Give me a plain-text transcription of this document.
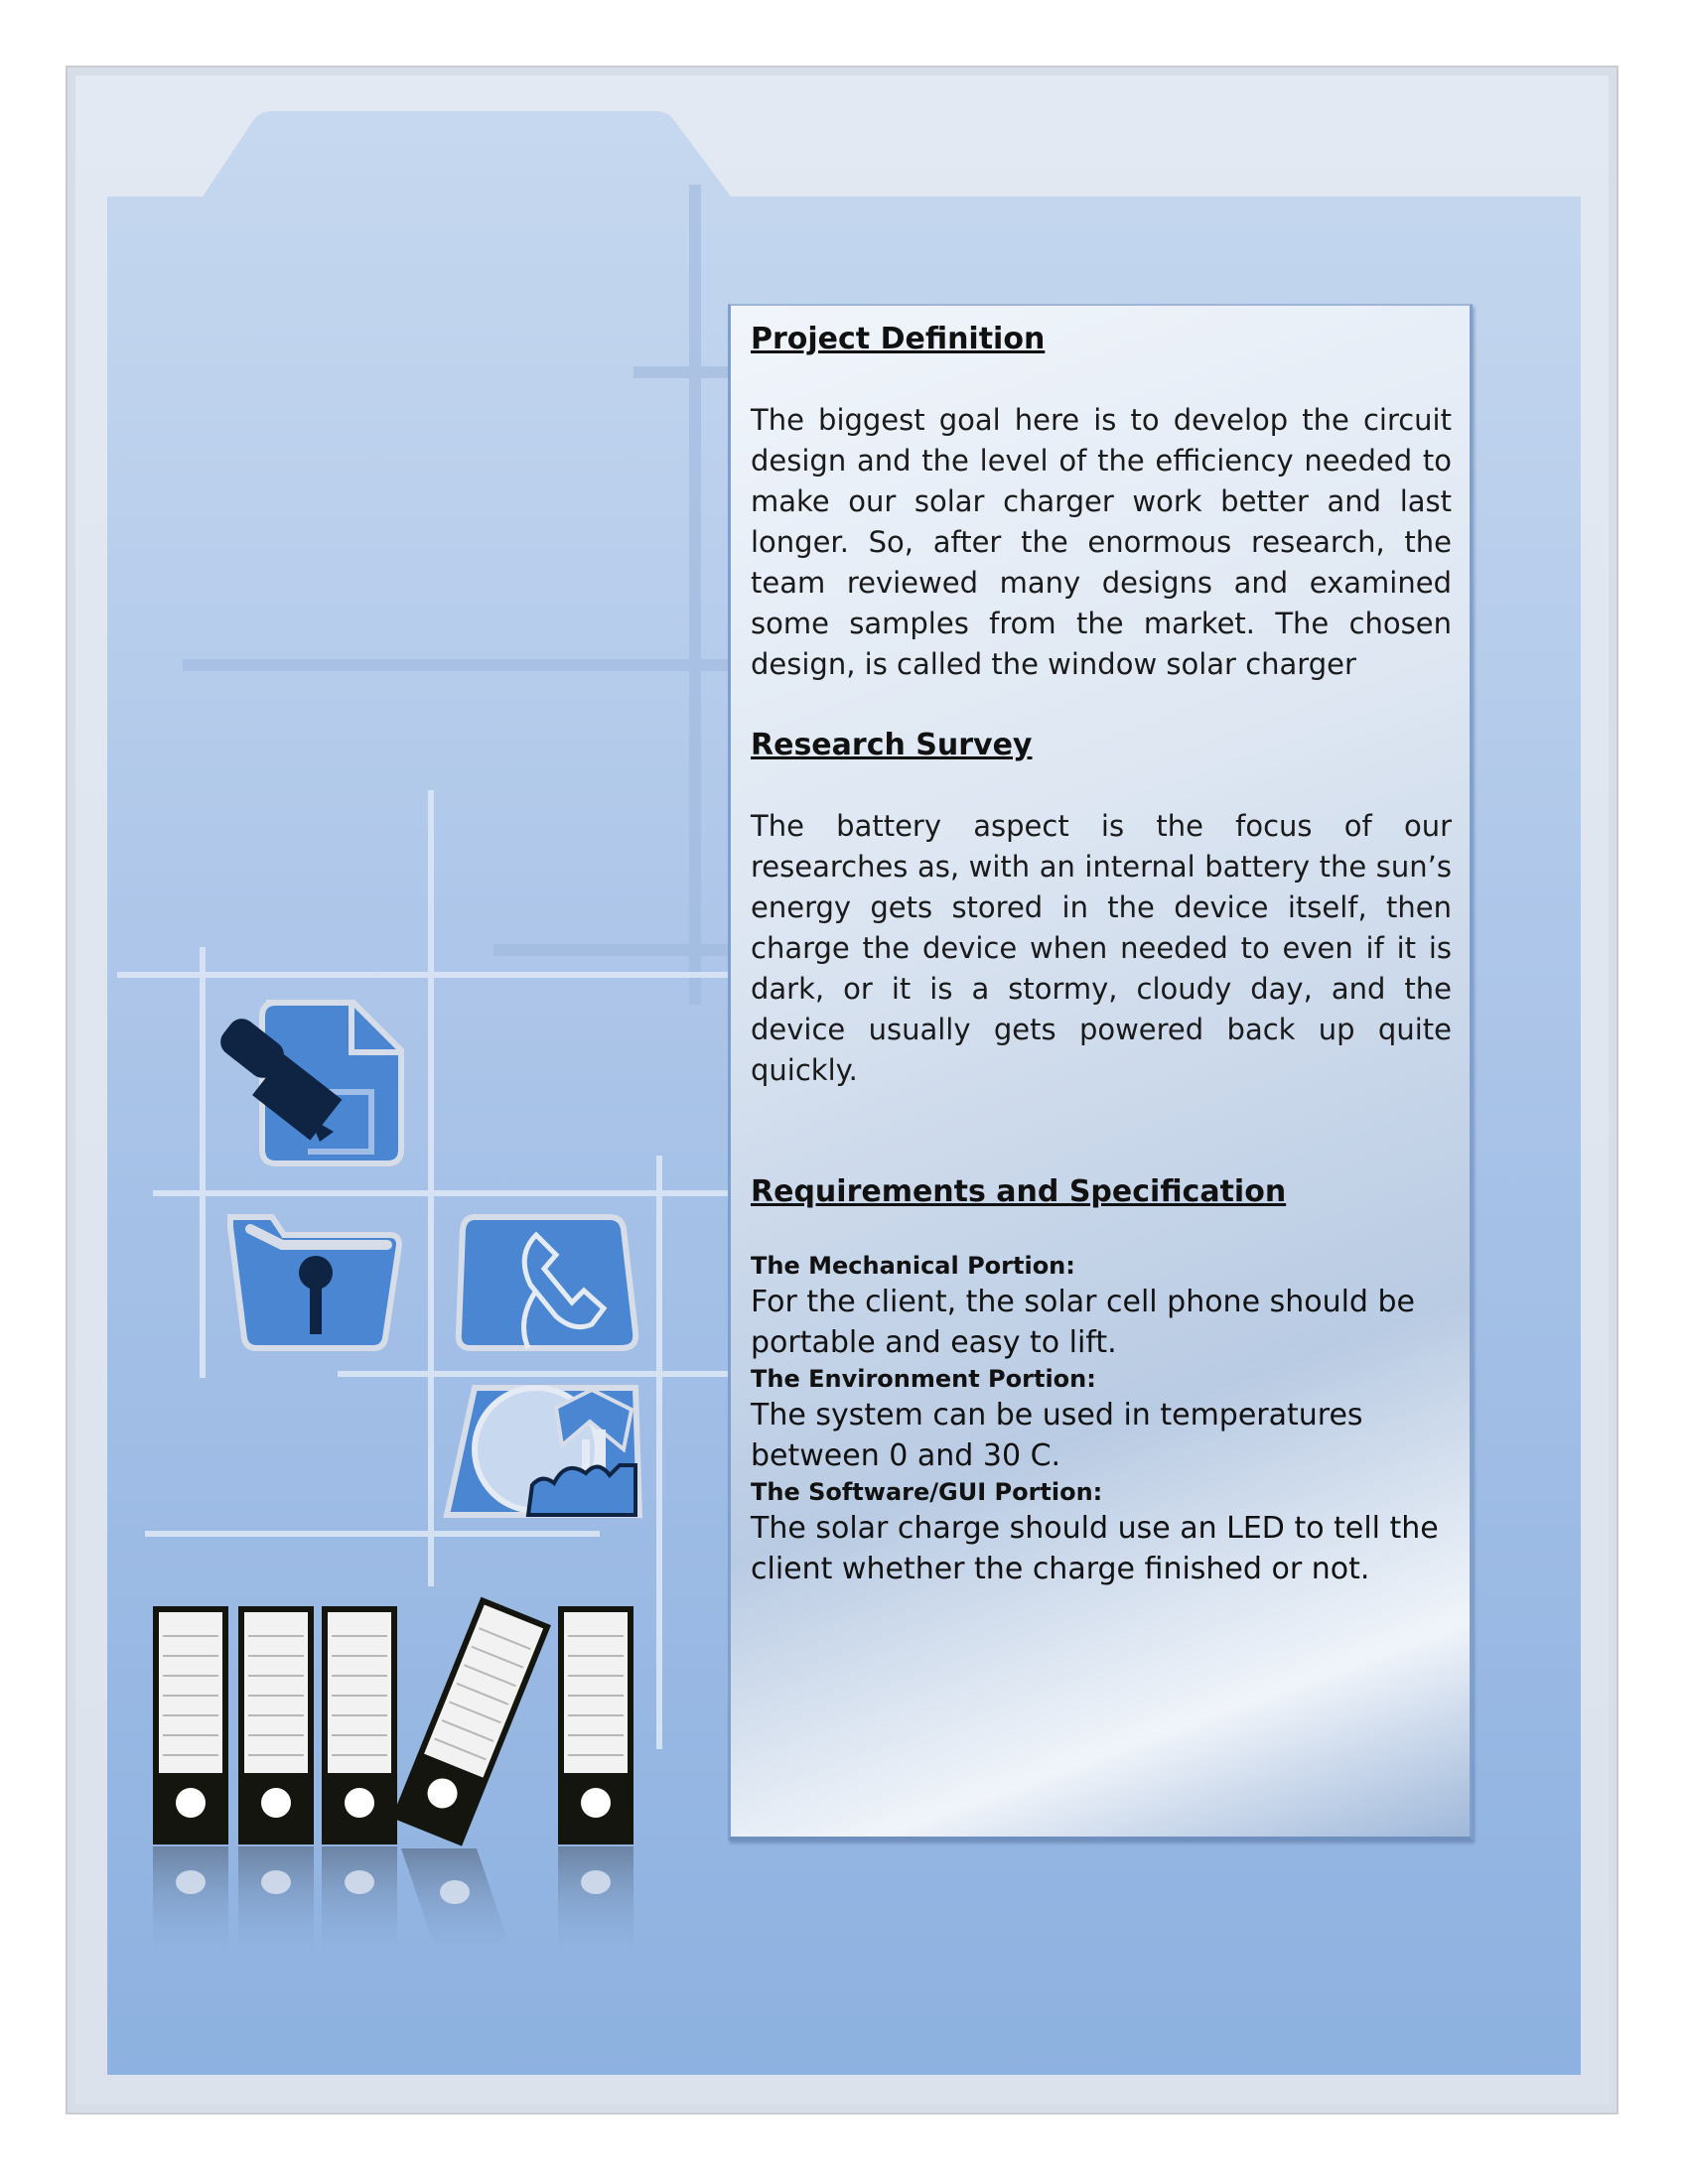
Project Definition

The biggest goal here is to develop the circuit design and the level of the efficiency needed to make our solar charger work better and last longer. So, after the enormous research, the team reviewed many designs and examined some samples from the market. The chosen design, is called the window solar charger

Research Survey

The battery aspect is the focus of our researches as, with an internal battery the sun’s energy gets stored in the device itself, then charge the device when needed to even if it is dark, or it is a stormy, cloudy day, and the device usually gets powered back up quite quickly.

Requirements and Specification

The Mechanical Portion:

For the client, the solar cell phone should be portable and easy to lift.

The Environment Portion:

The system can be used in temperatures between 0 and 30 C.

The Software/GUI Portion:

The solar charge should use an LED to tell the client whether the charge finished or not.
